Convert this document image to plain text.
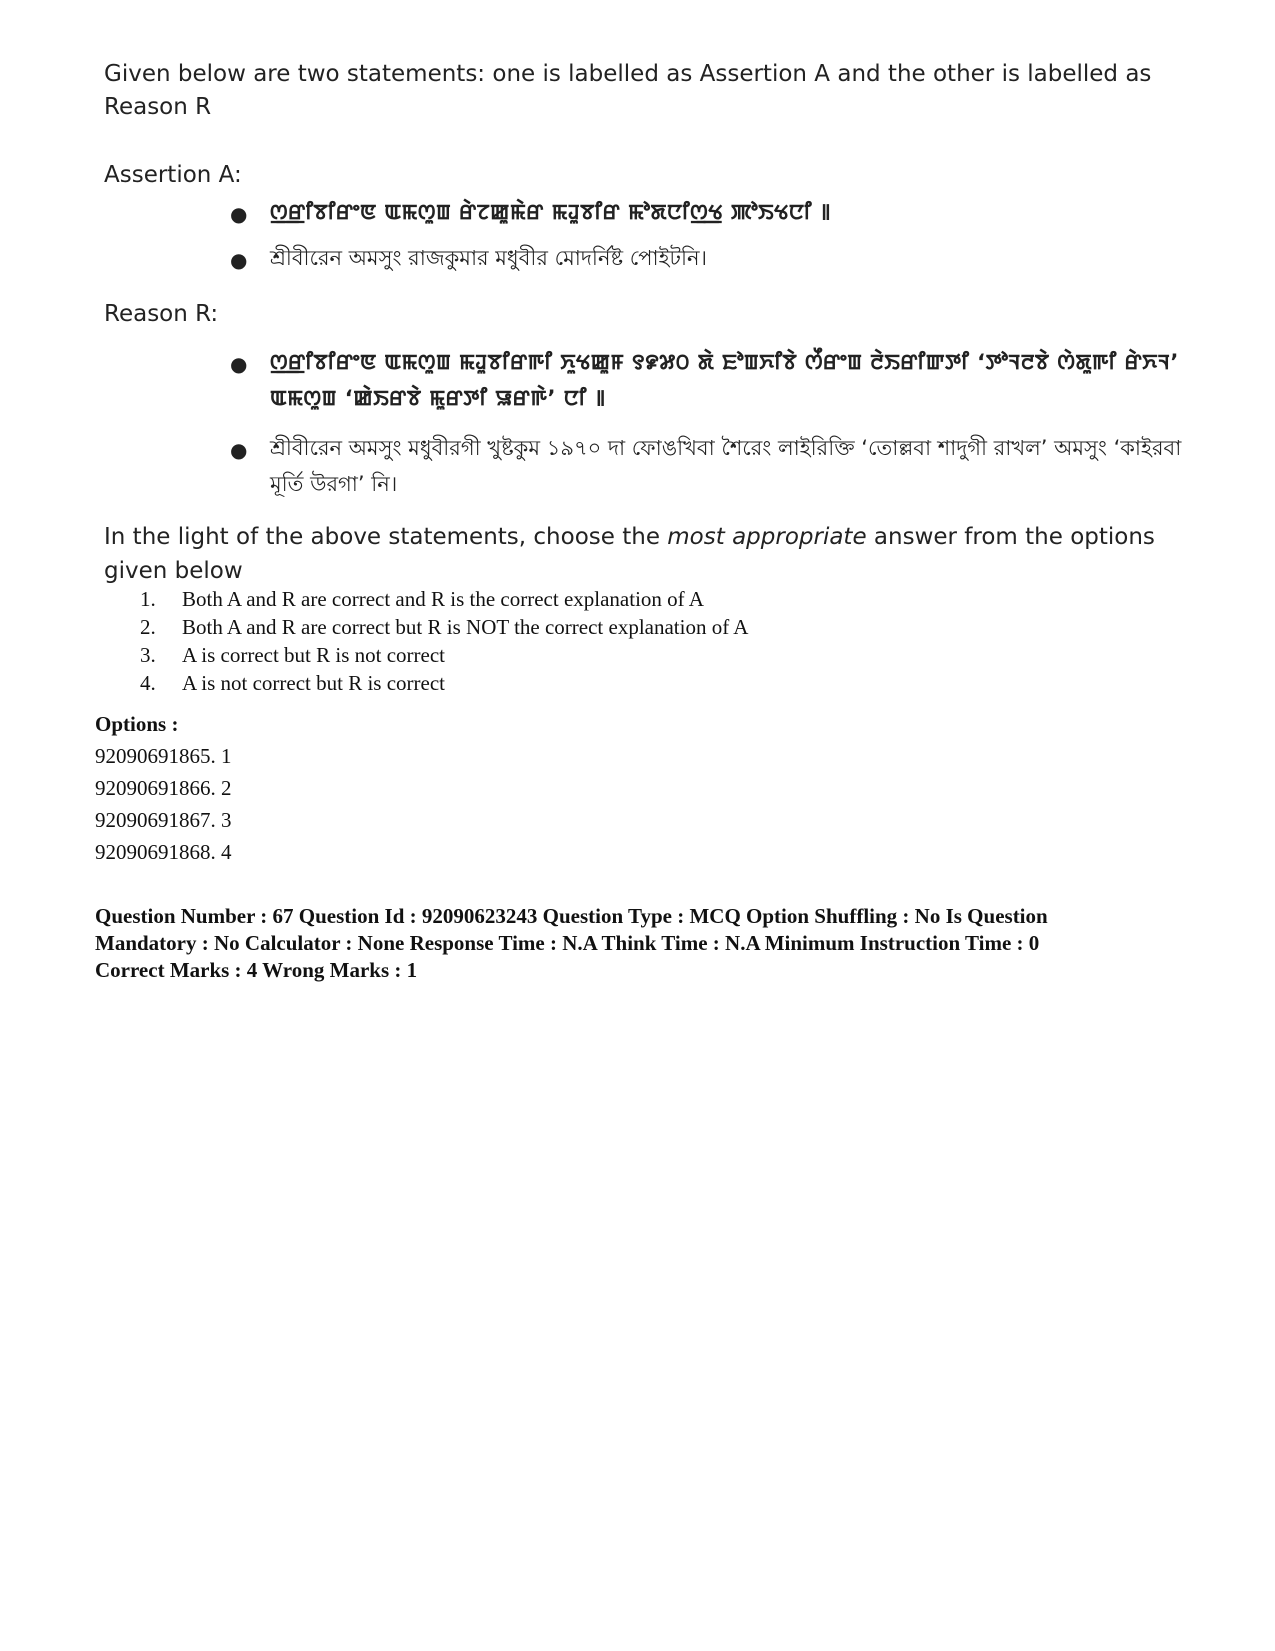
Given below are two statements: one is labelled as Assertion A and the other is labelled as Reason R
Assertion A:
● ꯁ꯭ꯔꯤꯕꯤꯔꯦꯟ ꯑꯃꯁꯨꯡ ꯔꯥꯖꯀꯨꯃꯥꯔ ꯃꯙꯨꯕꯤꯔ ꯃꯣꯗꯅꯤꯁ꯭ꯠ ꯄꯣꯏꯠꯅꯤ ꯫
● শ্রীবীরেন অমসুং রাজকুমার মধুবীর মোদর্নিষ্ট পোইটনি।
Reason R:
● ꯁ꯭ꯔꯤꯕꯤꯔꯦꯟ ꯑꯃꯁꯨꯡ ꯃꯙꯨꯕꯤꯔꯒꯤ ꯈꯨꯠꯀꯨꯝ ꯱꯹꯷꯰ ꯗꯥ ꯐꯣꯡꯈꯤꯕꯥ ꯁꯩꯔꯦꯡ ꯂꯥꯏꯔꯤꯛꯇꯤ ‘ꯇꯣꯜꯂꯕꯥ ꯁꯥꯗꯨꯒꯤ ꯔꯥꯈꯜ’ ꯑꯃꯁꯨꯡ ‘ꯀꯥꯏꯔꯕꯥ ꯃꯨꯔꯇꯤ ꯎꯔꯒꯥ’ ꯅꯤ ꯫
● শ্রীবীরেন অমসুং মধুবীরগী খুষ্টকুম ১৯৭০ দা ফোঙখিবা শৈরেং লাইরিক্তি ‘তোল্লবা শাদুগী রাখল’ অমসুং ‘কাইরবা মূর্তি উরগা’ নি।
In the light of the above statements, choose the most appropriate answer from the options given below
1. Both A and R are correct and R is the correct explanation of A
2. Both A and R are correct but R is NOT the correct explanation of A
3. A is correct but R is not correct
4. A is not correct but R is correct
Options :
92090691865. 1
92090691866. 2
92090691867. 3
92090691868. 4
Question Number : 67 Question Id : 92090623243 Question Type : MCQ Option Shuffling : No Is Question
Mandatory : No Calculator : None Response Time : N.A Think Time : N.A Minimum Instruction Time : 0
Correct Marks : 4 Wrong Marks : 1
